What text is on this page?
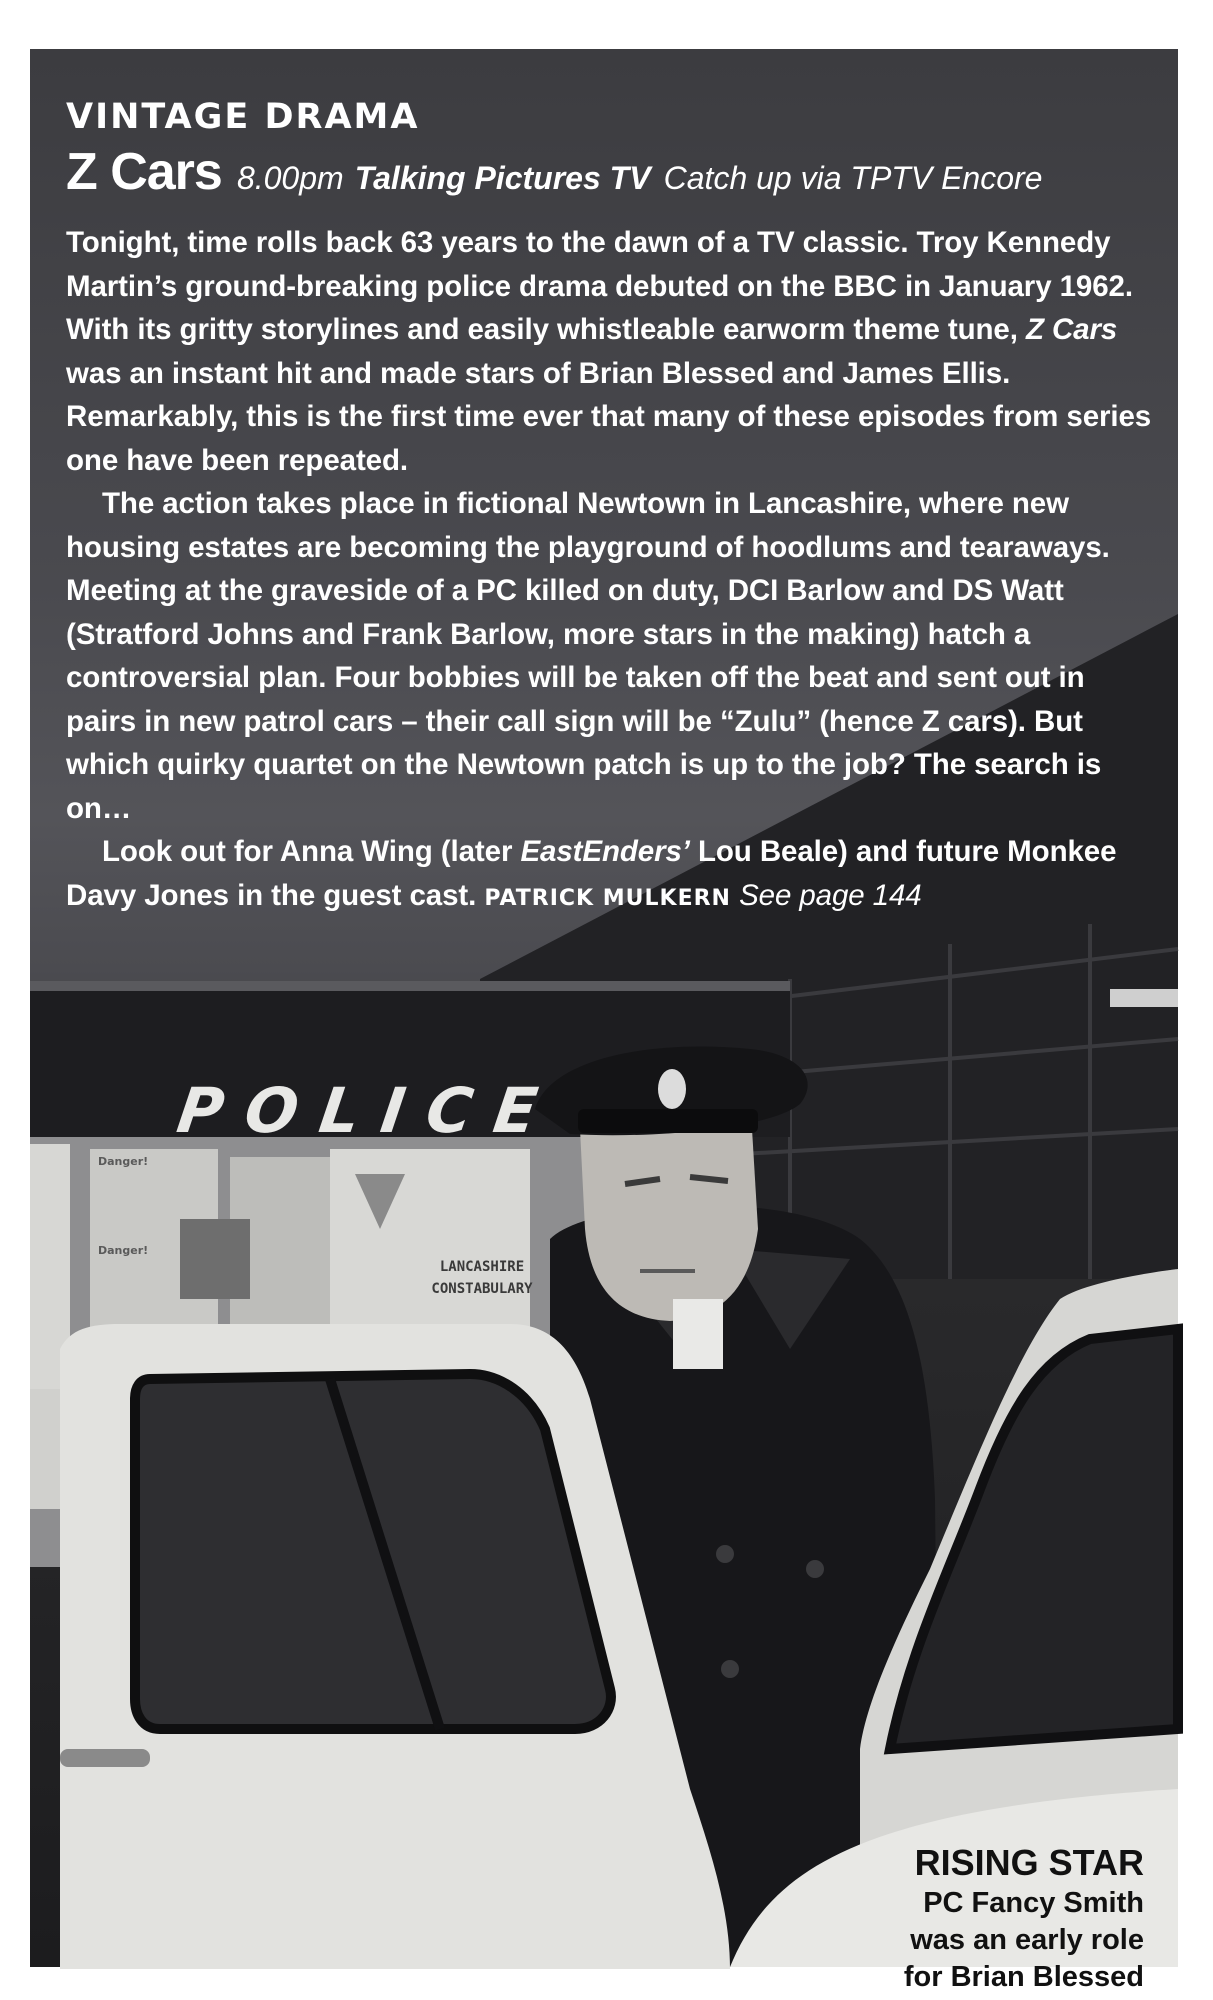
POLICE
LANCASHIRE
CONSTABULARY
Danger!
Danger!
VINTAGE DRAMA
Z Cars 8.00pm Talking Pictures TV Catch up via TPTV Encore

Tonight, time rolls back 63 years to the dawn of a TV classic. Troy Kennedy Martin’s ground-breaking police drama debuted on the BBC in January 1962. With its gritty storylines and easily whistleable earworm theme tune, Z Cars was an instant hit and made stars of Brian Blessed and James Ellis. Remarkably, this is the first time ever that many of these episodes from series one have been repeated.

The action takes place in fictional Newtown in Lancashire, where new housing estates are becoming the playground of hoodlums and tearaways. Meeting at the graveside of a PC killed on duty, DCI Barlow and DS Watt (Stratford Johns and Frank Barlow, more stars in the making) hatch a controversial plan. Four bobbies will be taken off the beat and sent out in pairs in new patrol cars – their call sign will be “Zulu” (hence Z cars). But which quirky quartet on the Newtown patch is up to the job? The search is on…

Look out for Anna Wing (later EastEnders’ Lou Beale) and future Monkee Davy Jones in the guest cast. PATRICK MULKERN See page 144

RISING STAR
PC Fancy Smith
was an early role
for Brian Blessed
